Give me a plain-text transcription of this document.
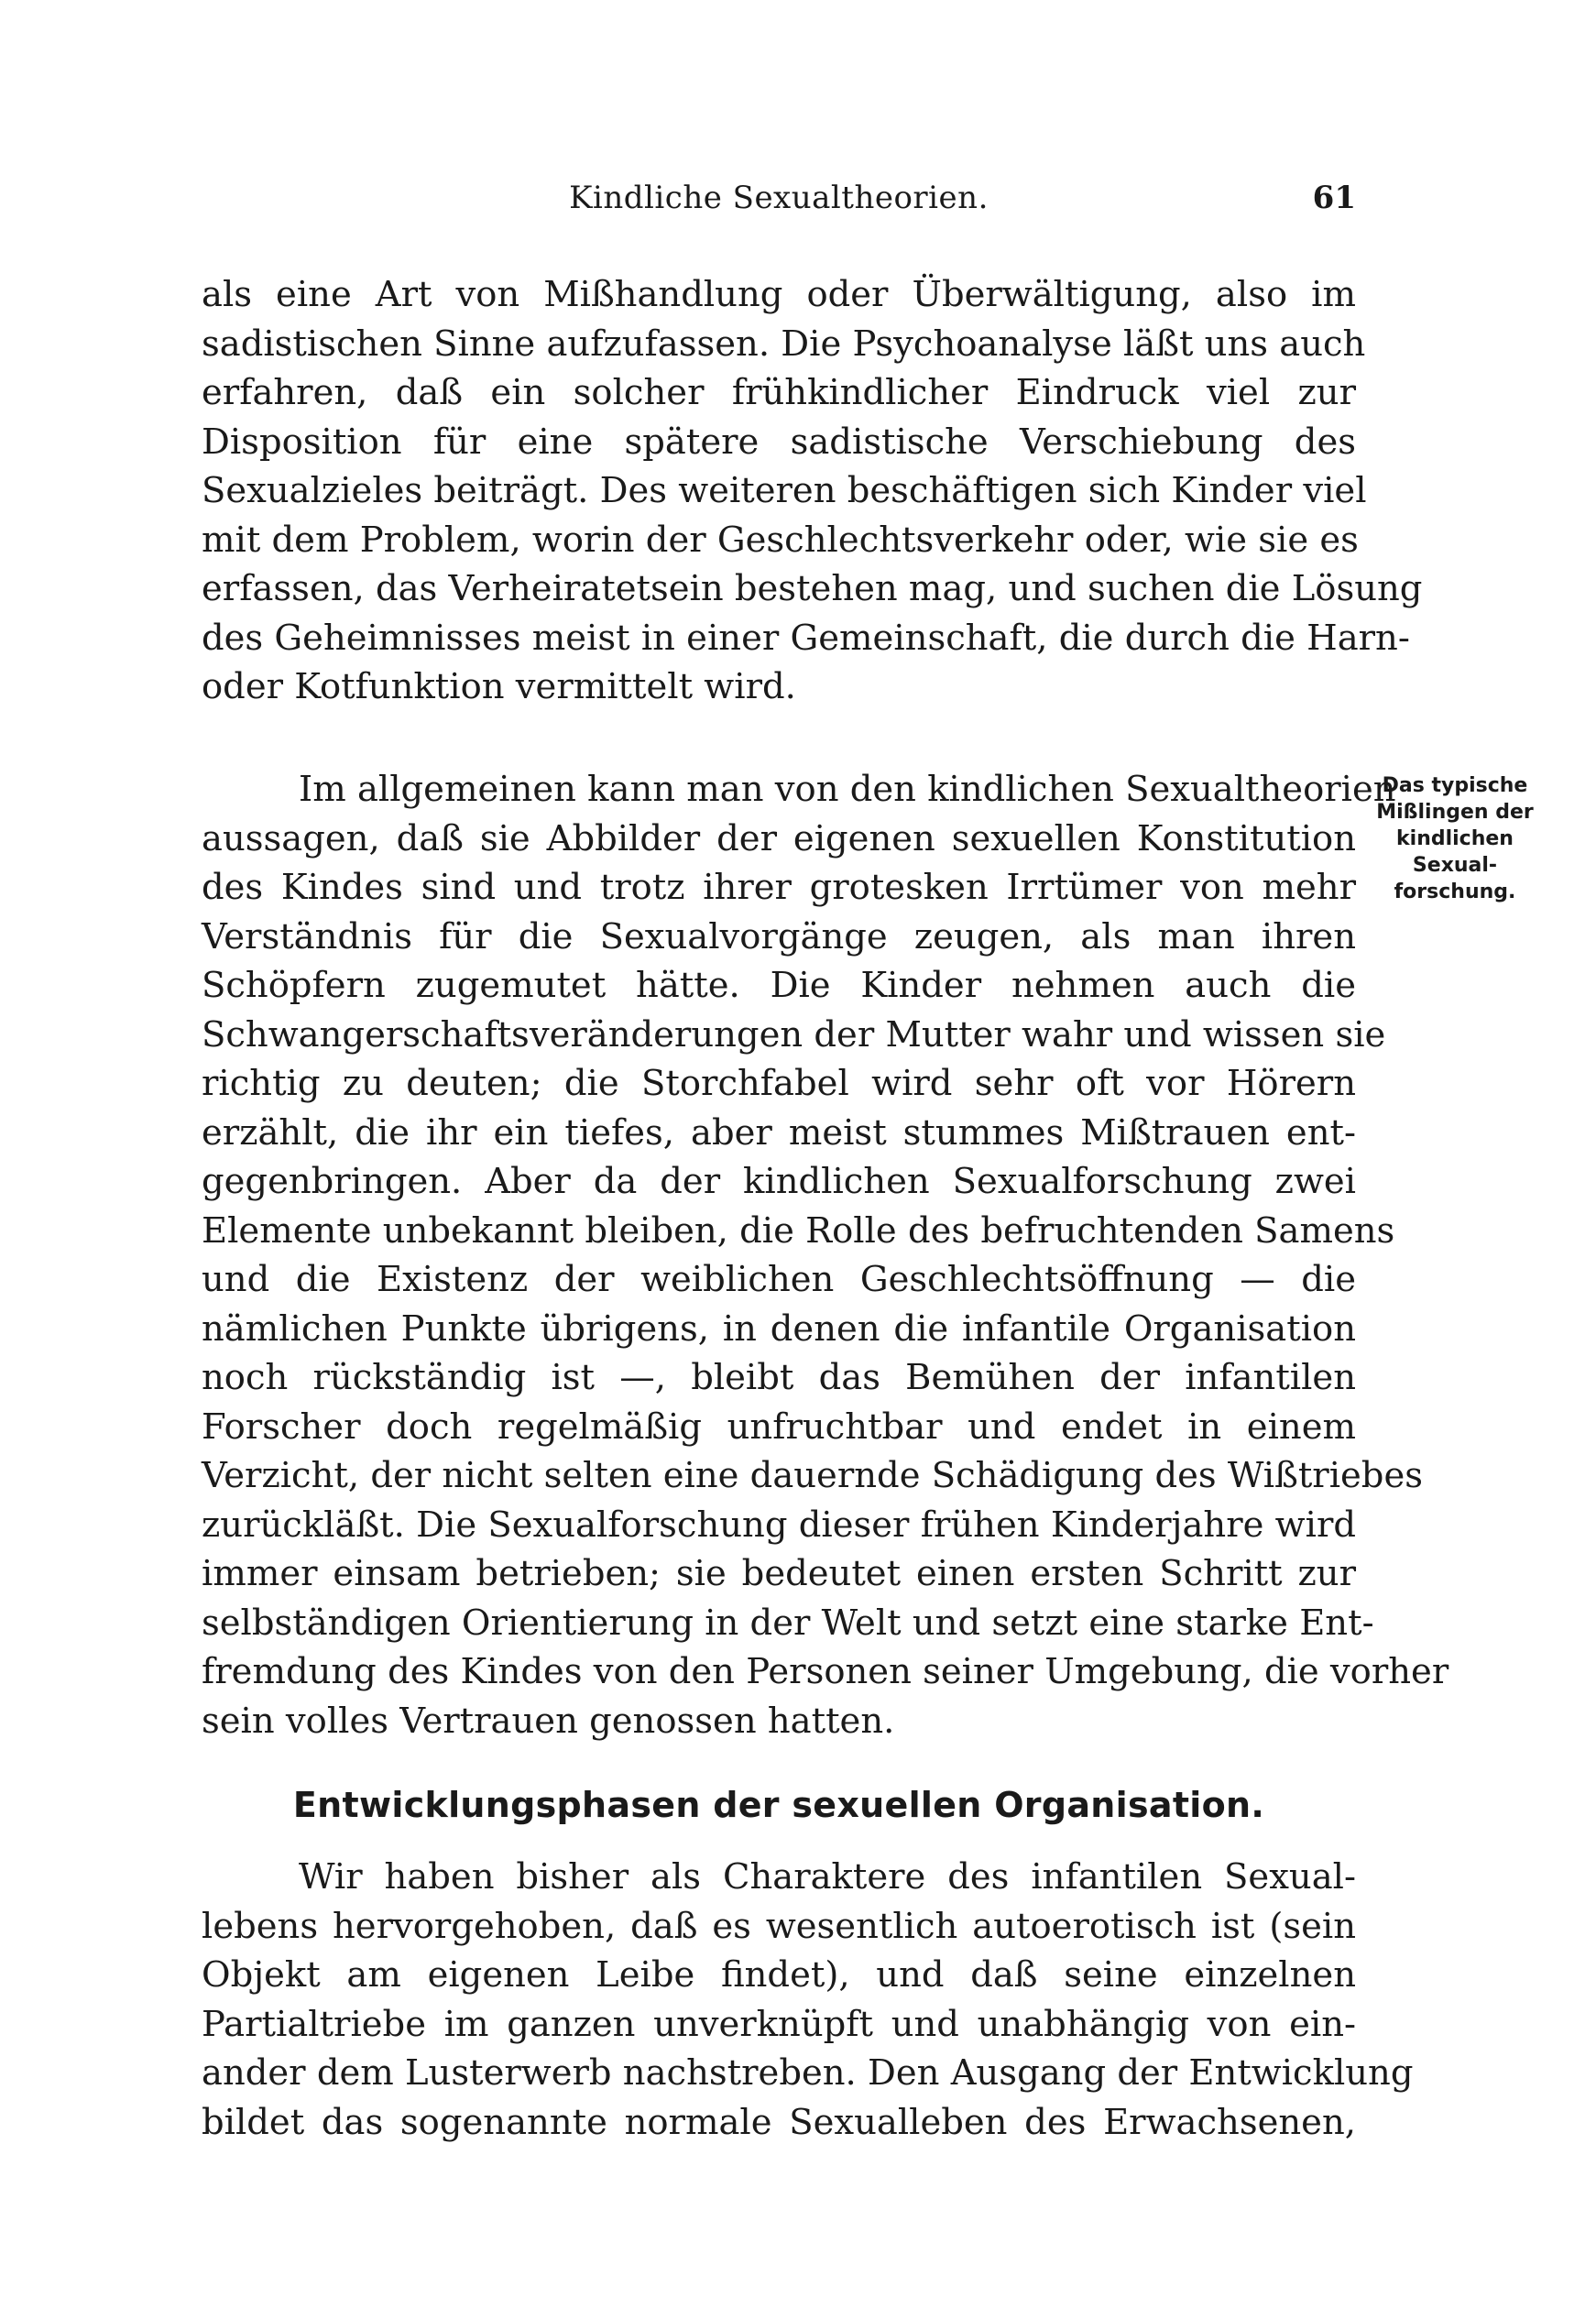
Kindliche Sexualtheorien.	61
als eine Art von Mißhandlung oder Überwältigung, also im
sadistischen Sinne aufzufassen. Die Psychoanalyse läßt uns auch
erfahren, daß ein solcher frühkindlicher Eindruck viel zur
Disposition für eine spätere sadistische Verschiebung des
Sexualzieles beiträgt. Des weiteren beschäftigen sich Kinder viel
mit dem Problem, worin der Geschlechtsverkehr oder, wie sie es
erfassen, das Verheiratetsein bestehen mag, und suchen die Lösung
des Geheimnisses meist in einer Gemeinschaft, die durch die Harn-
oder Kotfunktion vermittelt wird.
Im allgemeinen kann man von den kindlichen Sexualtheorien
aussagen, daß sie Abbilder der eigenen sexuellen Konstitution
des Kindes sind und trotz ihrer grotesken Irrtümer von mehr
Verständnis für die Sexualvorgänge zeugen, als man ihren
Schöpfern zugemutet hätte. Die Kinder nehmen auch die
Schwangerschaftsveränderungen der Mutter wahr und wissen sie
richtig zu deuten; die Storchfabel wird sehr oft vor Hörern
erzählt, die ihr ein tiefes, aber meist stummes Mißtrauen ent-
gegenbringen. Aber da der kindlichen Sexualforschung zwei
Elemente unbekannt bleiben, die Rolle des befruchtenden Samens
und die Existenz der weiblichen Geschlechtsöffnung — die
nämlichen Punkte übrigens, in denen die infantile Organisation
noch rückständig ist —, bleibt das Bemühen der infantilen
Forscher doch regelmäßig unfruchtbar und endet in einem
Verzicht, der nicht selten eine dauernde Schädigung des Wißtriebes
zurückläßt. Die Sexualforschung dieser frühen Kinderjahre wird
immer einsam betrieben; sie bedeutet einen ersten Schritt zur
selbständigen Orientierung in der Welt und setzt eine starke Ent-
fremdung des Kindes von den Personen seiner Umgebung, die vorher
sein volles Vertrauen genossen hatten.
Das typische
Mißlingen der
kindlichen
Sexual-
forschung.
Entwicklungsphasen der sexuellen Organisation.
Wir haben bisher als Charaktere des infantilen Sexual-
lebens hervorgehoben, daß es wesentlich autoerotisch ist (sein
Objekt am eigenen Leibe findet), und daß seine einzelnen
Partialtriebe im ganzen unverknüpft und unabhängig von ein-
ander dem Lusterwerb nachstreben. Den Ausgang der Entwicklung
bildet das sogenannte normale Sexualleben des Erwachsenen,
